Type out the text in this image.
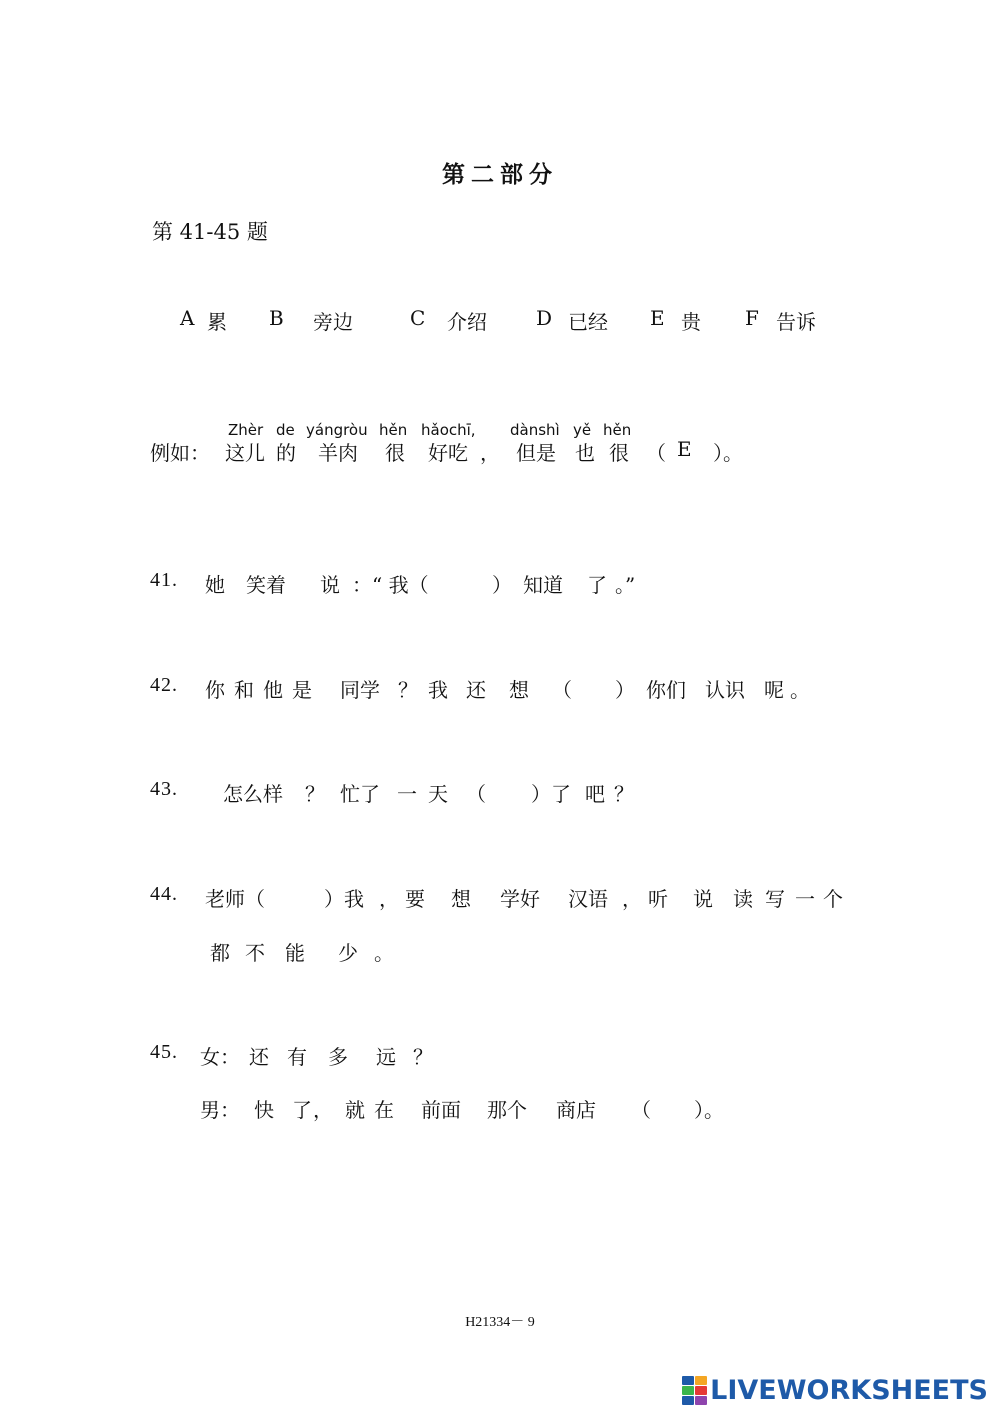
第二部分
第 41-45 题
A 累 B 旁边	C 介绍 D 已经 E 贵 F 告诉
Zhèr de yángròu hěn hǎochī, dànshì yě hěn
例如： 这儿 的 羊肉 很 好吃 ， 但是 也 很 （ E ）。
41. 她 笑着 说 ：“ 我（	） 知道 了 。”
42. 你 和 他 是 同学 ？ 我 还 想 （ ） 你们 认识 呢 。
43. 怎么样 ？ 忙了 一 天 （ ）了 吧 ？
44. 老师（	）我 ， 要 想 学好 汉语 ， 听 说 读 写 一 个
都 不 能 少 。
45. 女： 还 有 多 远 ？
男： 快 了 ， 就 在 前面 那个 商店 （ ）。
H21334－ 9
LIVEWORKSHEETS
